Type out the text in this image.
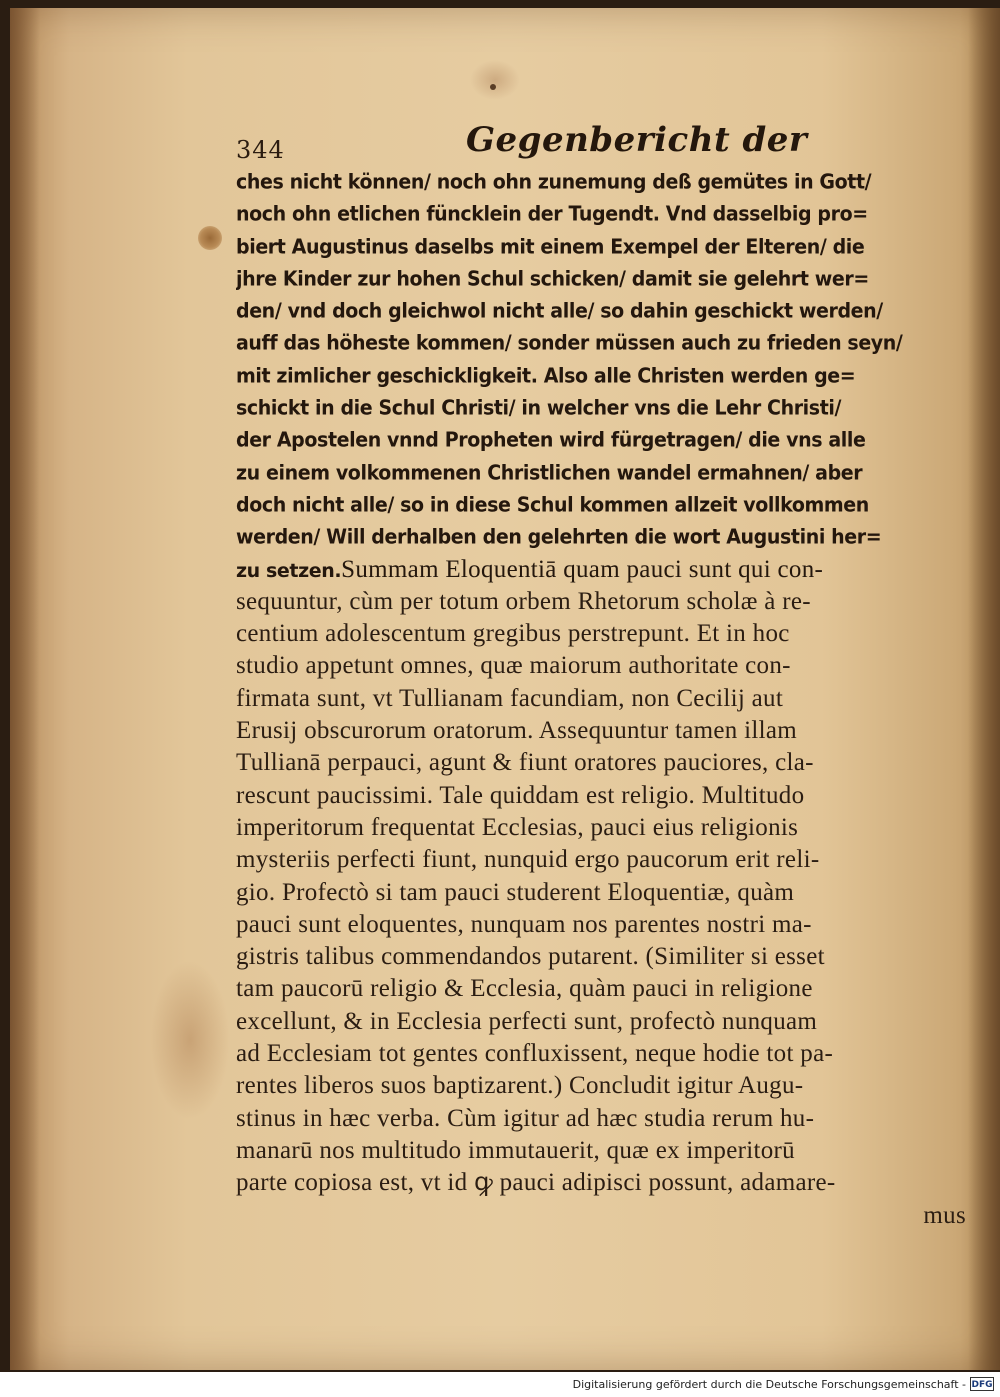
344	Gegenbericht der
ches nicht können/ noch ohn zunemung deß gemütes in Gott/
noch ohn etlichen füncklein der Tugendt. Vnd dasselbig pro=
biert Augustinus daselbs mit einem Exempel der Elteren/ die
jhre Kinder zur hohen Schul schicken/ damit sie gelehrt wer=
den/ vnd doch gleichwol nicht alle/ so dahin geschickt werden/
auff das höheste kommen/ sonder müssen auch zu frieden seyn/
mit zimlicher geschickligkeit. Also alle Christen werden ge=
schickt in die Schul Christi/ in welcher vns die Lehr Christi/
der Apostelen vnnd Propheten wird fürgetragen/ die vns alle
zu einem volkommenen Christlichen wandel ermahnen/ aber
doch nicht alle/ so in diese Schul kommen allzeit vollkommen
werden/ Will derhalben den gelehrten die wort Augustini her=
zu setzen.Summam Eloquentiā quam pauci sunt qui con-
sequuntur, cùm per totum orbem Rhetorum scholæ à re-
centium adolescentum gregibus perstrepunt. Et in hoc
studio appetunt omnes, quæ maiorum authoritate con-
firmata sunt, vt Tullianam facundiam, non Cecilij aut
Erusij obscurorum oratorum. Assequuntur tamen illam
Tullianā perpauci, agunt & fiunt oratores pauciores, cla-
rescunt paucissimi. Tale quiddam est religio. Multitudo
imperitorum frequentat Ecclesias, pauci eius religionis
mysteriis perfecti fiunt, nunquid ergo paucorum erit reli-
gio. Profectò si tam pauci studerent Eloquentiæ, quàm
pauci sunt eloquentes, nunquam nos parentes nostri ma-
gistris talibus commendandos putarent. (Similiter si esset
tam paucorū religio & Ecclesia, quàm pauci in religione
excellunt, & in Ecclesia perfecti sunt, profectò nunquam
ad Ecclesiam tot gentes confluxissent, neque hodie tot pa-
rentes liberos suos baptizarent.) Concludit igitur Augu-
stinus in hæc verba. Cùm igitur ad hæc studia rerum hu-
manarū nos multitudo immutauerit, quæ ex imperitorū
parte copiosa est, vt id ꝙ pauci adipisci possunt, adamare-
mus
Digitalisierung gefördert durch die Deutsche Forschungsgemeinschaft - DFG
